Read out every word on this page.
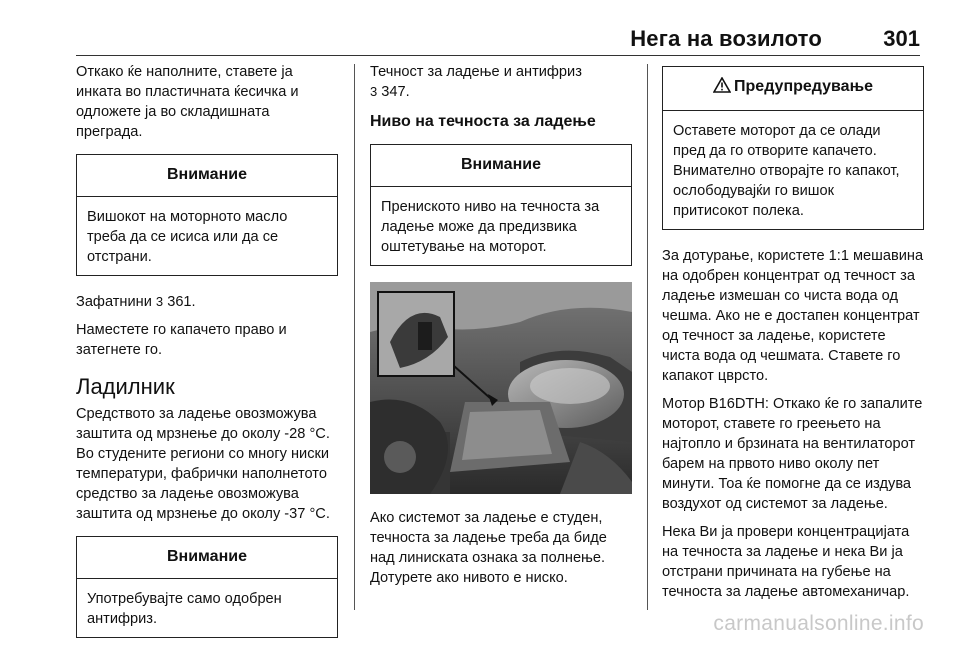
Нега на возилото	301

Откако ќе наполните, ставете ја инката во пластичната ќесичка и одложете ја во складишната преграда.

Внимание
Вишокот на моторното масло треба да се исиса или да се отстрани.

Зафатнини 3 361.

Наместете го капачето право и затегнете го.

Ладилник

Средството за ладење овозможува заштита од мрзнење до околу -28 °C. Во студените региони со многу ниски температури, фабрички наполнетото средство за ладење овозможува заштита од мрзнење до околу -37 °C.

Внимание
Употребувајте само одобрен антифриз.

Течност за ладење и антифриз
3 347.

Ниво на течноста за ладење
Внимание
Прениското ниво на течноста за ладење може да предизвика оштетување на моторот.

Ако системот за ладење е студен, течноста за ладење треба да биде над линиската ознака за полнење. Дотурете ако нивото е ниско.

Предупредување
Оставете моторот да се олади пред да го отворите капачето. Внимателно отворајте го капакот, ослободувајќи го вишок притисокот полека.

За дотурање, користете 1:1 мешавина на одобрен концентрат од течност за ладење измешан со чиста вода од чешма. Ако не е достапен концентрат од течност за ладење, користете чиста вода од чешмата. Ставете го капакот цврсто.

Мотор B16DTH: Откако ќе го запалите моторот, ставете го греењето на најтопло и брзината на вентилаторот барем на првото ниво околу пет минути. Тоа ќе помогне да се издува воздухот од системот за ладење.

Нека Ви ја провери концентрацијата на течноста за ладење и нека Ви ја отстрани причината на губење на течноста за ладење автомеханичар.

carmanualsonline.info
